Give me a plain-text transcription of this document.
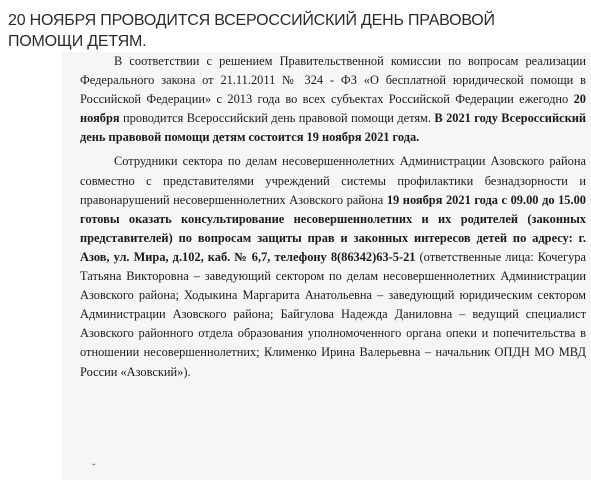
20 НОЯБРЯ ПРОВОДИТСЯ ВСЕРОССИЙСКИЙ ДЕНЬ ПРАВОВОЙ ПОМОЩИ ДЕТЯМ.

В соответствии с решением Правительственной комиссии по вопросам реализации Федерального закона от 21.11.2011 № 324 - ФЗ «О бесплатной юридической помощи в Российской Федерации» с 2013 года во всех субъектах Российской Федерации ежегодно 20 ноября проводится Всероссийский день правовой помощи детям. В 2021 году Всероссийский день правовой помощи детям состоится 19 ноября 2021 года.

Сотрудники сектора по делам несовершеннолетних Администрации Азовского района совместно с представителями учреждений системы профилактики безнадзорности и правонарушений несовершеннолетних Азовского района 19 ноября 2021 года с 09.00 до 15.00 готовы оказать консультирование несовершеннолетних и их родителей (законных представителей) по вопросам защиты прав и законных интересов детей по адресу: г. Азов, ул. Мира, д.102, каб. № 6,7, телефону 8(86342)63-5-21 (ответственные лица: Кочегура Татьяна Викторовна – заведующий сектором по делам несовершеннолетних Администрации Азовского района; Ходыкина Маргарита Анатольевна – заведующий юридическим сектором Администрации Азовского района; Байгулова Надежда Даниловна – ведущий специалист Азовского районного отдела образования уполномоченного органа опеки и попечительства в отношении несовершеннолетних; Клименко Ирина Валерьевна – начальник ОПДН МО МВД России «Азовский»).

˘
